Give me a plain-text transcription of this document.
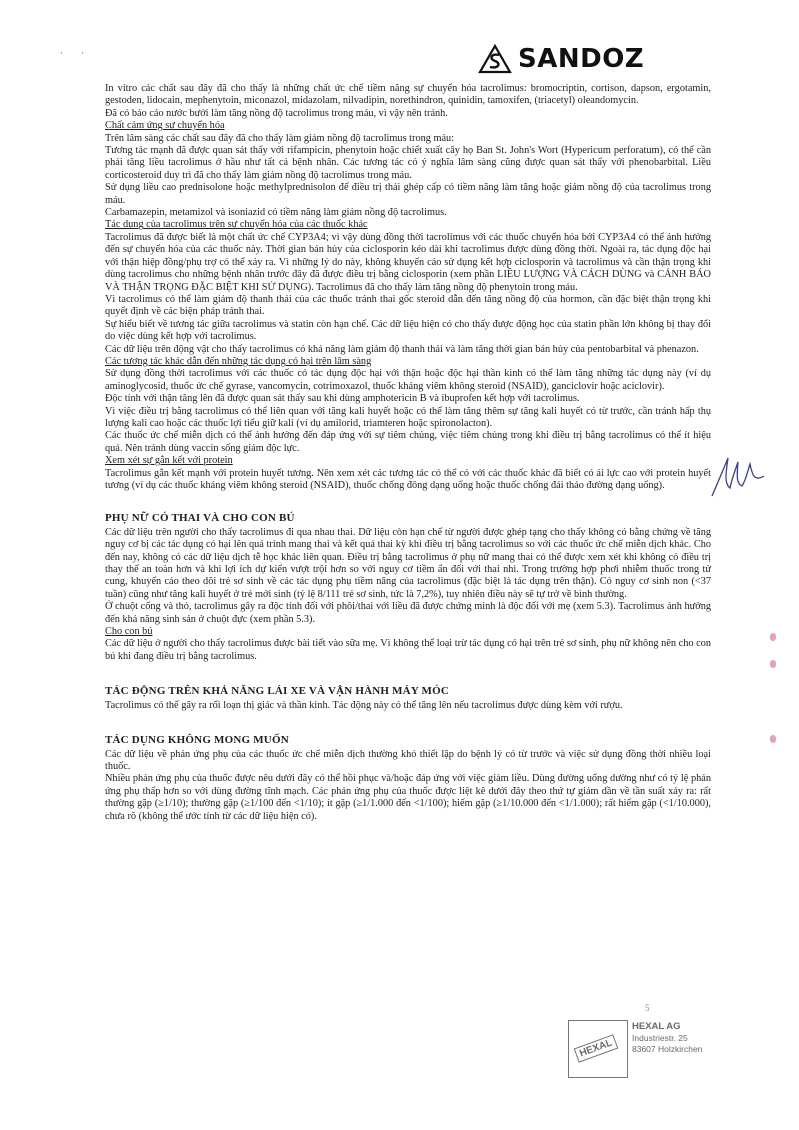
·        ·	SANDOZ

In vitro các chất sau đây đã cho thấy là những chất ức chế tiềm năng sự chuyển hóa tacrolimus: bromocriptin, cortison, dapson, ergotamin, gestoden, lidocain, mephenytoin, miconazol, midazolam, nilvadipin, norethindron, quinidin, tamoxifen, (triacetyl) oleandomycin.

Đã có báo cáo nước bưởi làm tăng nồng độ tacrolimus trong máu, vì vậy nên tránh.

Chất cảm ứng sự chuyển hóa

Trên lâm sàng các chất sau đây đã cho thấy làm giảm nồng độ tacrolimus trong máu:

Tương tác mạnh đã được quan sát thấy với rifampicin, phenytoin hoặc chiết xuất cây họ Ban St. John's Wort (Hypericum perforatum), có thể cần phải tăng liều tacrolimus ở hầu như tất cả bệnh nhân. Các tương tác có ý nghĩa lâm sàng cũng được quan sát thấy với phenobarbital. Liều corticosteroid duy trì đã cho thấy làm giảm nồng độ tacrolimus trong máu.

Sử dụng liều cao prednisolone hoặc methylprednisolon để điều trị thải ghép cấp có tiềm năng làm tăng hoặc giảm nồng độ của tacrolimus trong máu.

Carbamazepin, metamizol và isoniazid có tiềm năng làm giảm nồng độ tacrolimus.

Tác dụng của tacrolimus trên sự chuyển hóa của các thuốc khác

Tacrolimus đã được biết là một chất ức chế CYP3A4; vì vậy dùng đồng thời tacrolimus với các thuốc chuyển hóa bởi CYP3A4 có thể ảnh hưởng đến sự chuyển hóa của các thuốc này. Thời gian bán hủy của ciclosporin kéo dài khi tacrolimus được dùng đồng thời. Ngoài ra, tác dụng độc hại với thận hiệp đồng/phụ trợ có thể xảy ra. Vì những lý do này, không khuyến cáo sử dụng kết hợp ciclosporin và tacrolimus và cần thận trọng khi dùng tacrolimus cho những bệnh nhân trước đây đã được điều trị bằng ciclosporin (xem phần LIỀU LƯỢNG VÀ CÁCH DÙNG và CẢNH BÁO VÀ THẬN TRỌNG ĐẶC BIỆT KHI SỬ DỤNG). Tacrolimus đã cho thấy làm tăng nồng độ phenytoin trong máu.

Vì tacrolimus có thể làm giảm độ thanh thải của các thuốc tránh thai gốc steroid dẫn đến tăng nồng độ của hormon, cần đặc biệt thận trọng khi quyết định về các biện pháp tránh thai.

Sự hiểu biết về tương tác giữa tacrolimus và statin còn hạn chế. Các dữ liệu hiện có cho thấy được động học của statin phần lớn không bị thay đổi do việc dùng kết hợp với tacrolimus.

Các dữ liệu trên động vật cho thấy tacrolimus có khả năng làm giảm độ thanh thải và làm tăng thời gian bán hủy của pentobarbital và phenazon.

Các tương tác khác dẫn đến những tác dụng có hại trên lâm sàng

Sử dụng đồng thời tacrolimus với các thuốc có tác dụng độc hại với thận hoặc độc hại thần kinh có thể làm tăng những tác dụng này (ví dụ aminoglycosid, thuốc ức chế gyrase, vancomycin, cotrimoxazol, thuốc kháng viêm không steroid (NSAID), ganciclovir hoặc aciclovir).

Độc tính với thận tăng lên đã được quan sát thấy sau khi dùng amphotericin B và ibuprofen kết hợp với tacrolimus.

Vì việc điều trị bằng tacrolimus có thể liên quan với tăng kali huyết hoặc có thể làm tăng thêm sự tăng kali huyết có từ trước, cần tránh hấp thụ lượng kali cao hoặc các thuốc lợi tiểu giữ kali (ví dụ amilorid, triamteren hoặc spironolacton).

Các thuốc ức chế miễn dịch có thể ảnh hưởng đến đáp ứng với sự tiêm chủng, việc tiêm chủng trong khi điều trị bằng tacrolimus có thể ít hiệu quả. Nên tránh dùng vaccin sống giảm độc lực.

Xem xét sự gắn kết với protein

Tacrolimus gắn kết mạnh với protein huyết tương. Nên xem xét các tương tác có thể có với các thuốc khác đã biết có ái lực cao với protein huyết tương (ví dụ các thuốc kháng viêm không steroid (NSAID), thuốc chống đông dạng uống hoặc thuốc chống đái tháo đường dạng uống).

PHỤ NỮ CÓ THAI VÀ CHO CON BÚ

Các dữ liệu trên người cho thấy tacrolimus đi qua nhau thai. Dữ liệu còn hạn chế từ người được ghép tạng cho thấy không có bằng chứng về tăng nguy cơ bị các tác dụng có hại lên quá trình mang thai và kết quả thai kỳ khi điều trị bằng tacrolimus so với các thuốc ức chế miễn dịch khác. Cho đến nay, không có các dữ liệu dịch tễ học khác liên quan. Điều trị bằng tacrolimus ở phụ nữ mang thai có thể được xem xét khi không có điều trị thay thế an toàn hơn và khi lợi ích dự kiến vượt trội hơn so với nguy cơ tiềm ẩn đối với thai nhi. Trong trường hợp phơi nhiễm thuốc trong tử cung, khuyến cáo theo dõi trẻ sơ sinh về các tác dụng phụ tiềm năng của tacrolimus (đặc biệt là tác dụng trên thận). Có nguy cơ sinh non (<37 tuần) cũng như tăng kali huyết ở trẻ mới sinh (tỷ lệ 8/111 trẻ sơ sinh, tức là 7,2%), tuy nhiên điều này sẽ tự trở về bình thường.

Ở chuột cống và thỏ, tacrolimus gây ra độc tính đối với phôi/thai với liều đã được chứng minh là độc đối với mẹ (xem 5.3). Tacrolimus ảnh hưởng đến khả năng sinh sản ở chuột đực (xem phần 5.3).

Cho con bú

Các dữ liệu ở người cho thấy tacrolimus được bài tiết vào sữa mẹ. Vì không thể loại trừ tác dụng có hại trên trẻ sơ sinh, phụ nữ không nên cho con bú khi đang điều trị bằng tacrolimus.

TÁC ĐỘNG TRÊN KHẢ NĂNG LÁI XE VÀ VẬN HÀNH MÁY MÓC

Tacrolimus có thể gây ra rối loạn thị giác và thần kinh. Tác động này có thể tăng lên nếu tacrolimus được dùng kèm với rượu.

TÁC DỤNG KHÔNG MONG MUỐN

Các dữ liệu về phản ứng phụ của các thuốc ức chế miễn dịch thường khó thiết lập do bệnh lý có từ trước và việc sử dụng đồng thời nhiều loại thuốc.

Nhiều phản ứng phụ của thuốc được nêu dưới đây có thể hồi phục và/hoặc đáp ứng với việc giảm liều. Dùng đường uống dường như có tỷ lệ phản ứng phụ thấp hơn so với dùng đường tĩnh mạch. Các phản ứng phụ của thuốc được liệt kê dưới đây theo thứ tự giảm dần về tần suất xảy ra: rất thường gặp (≥1/10); thường gặp (≥1/100 đến <1/10); ít gặp (≥1/1.000 đến <1/100); hiếm gặp (≥1/10.000 đến <1/1.000); rất hiếm gặp (<1/10.000), chưa rõ (không thể ước tính từ các dữ liệu hiện có).

5
HEXAL
HEXAL AG
Industriestr. 25
83607 Holzkirchen
